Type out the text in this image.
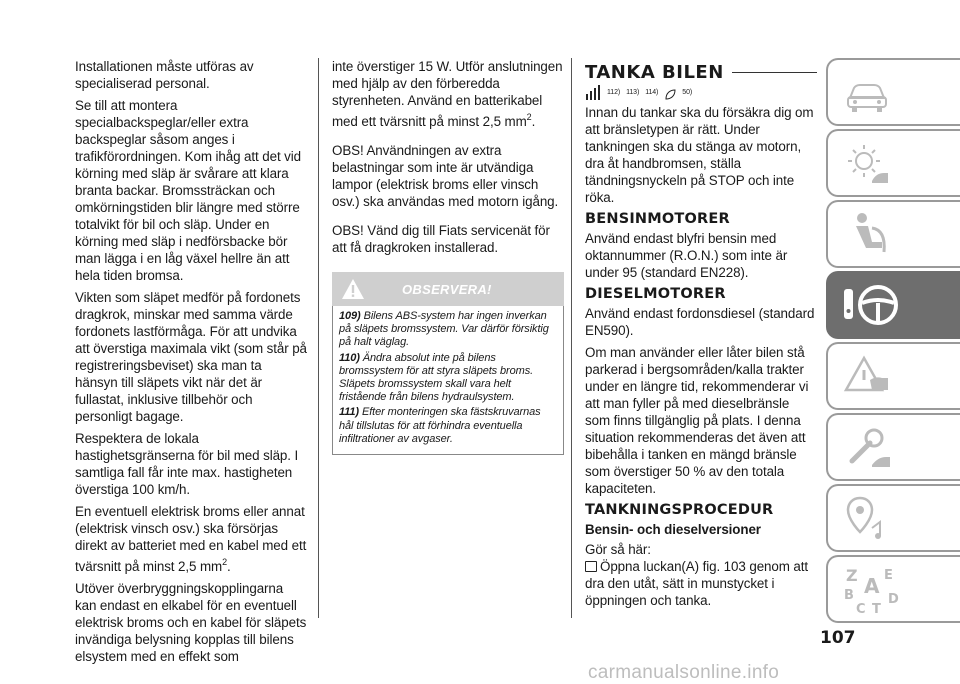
Installationen måste utföras av specialiserad personal.

Se till att montera specialbackspeglar/eller extra backspeglar såsom anges i trafikförordningen. Kom ihåg att det vid körning med släp är svårare att klara branta backar. Bromssträckan och omkörningstiden blir längre med större totalvikt för bil och släp. Under en körning med släp i nedförsbacke bör man lägga i en låg växel hellre än att hela tiden bromsa.

Vikten som släpet medför på fordonets dragkrok, minskar med samma värde fordonets lastförmåga. För att undvika att överstiga maximala vikt (som står på registreringsbeviset) ska man ta hänsyn till släpets vikt när det är fullastat, inklusive tillbehör och personligt bagage.

Respektera de lokala hastighetsgränserna för bil med släp. I samtliga fall får inte max. hastigheten överstiga 100 km/h.

En eventuell elektrisk broms eller annat (elektrisk vinsch osv.) ska försörjas direkt av batteriet med en kabel med ett tvärsnitt på minst 2,5 $mm^2$.

Utöver överbryggningskopplingarna kan endast en elkabel för en eventuell elektrisk broms och en kabel för släpets invändiga belysning kopplas till bilens elsystem med en effekt som

inte överstiger 15 W. Utför anslutningen med hjälp av den förberedda styrenheten. Använd en batterikabel med ett tvärsnitt på minst 2,5 $mm^2$.

OBS! Användningen av extra belastningar som inte är utvändiga lampor (elektrisk broms eller vinsch osv.) ska användas med motorn igång.

OBS! Vänd dig till Fiats servicenät för att få dragkroken installerad.

OBSERVERA!

109) Bilens ABS-system har ingen inverkan på släpets bromssystem. Var därför försiktig på halt väglag.

110) Ändra absolut inte på bilens bromssystem för att styra släpets broms. Släpets bromssystem skall vara helt fristående från bilens hydraulsystem.

111) Efter monteringen ska fästskruvarnas hål tillslutas för att förhindra eventuella infiltrationer av avgaser.

TANKA BILEN
112) 113) 114)	50)

Innan du tankar ska du försäkra dig om att bränsletypen är rätt. Under tankningen ska du stänga av motorn, dra åt handbromsen, ställa tändningsnyckeln på STOP och inte röka.

BENSINMOTORER

Använd endast blyfri bensin med oktannummer (R.O.N.) som inte är under 95 (standard EN228).

DIESELMOTORER

Använd endast fordonsdiesel (standard EN590).

Om man använder eller låter bilen stå parkerad i bergsområden/kalla trakter under en längre tid, rekommenderar vi att man fyller på med dieselbränsle som finns tillgänglig på plats. I denna situation rekommenderas det även att bibehålla i tanken en mängd bränsle som överstiger 50 % av den totala kapaciteten.

TANKNINGSPROCEDUR
Bensin- och dieselversioner

Gör så här:

Öppna luckan(A) fig. 103 genom att dra den utåt, sätt in munstycket i öppningen och tanka.

Z E
A
B
C T
D
107
carmanualsonline.info
